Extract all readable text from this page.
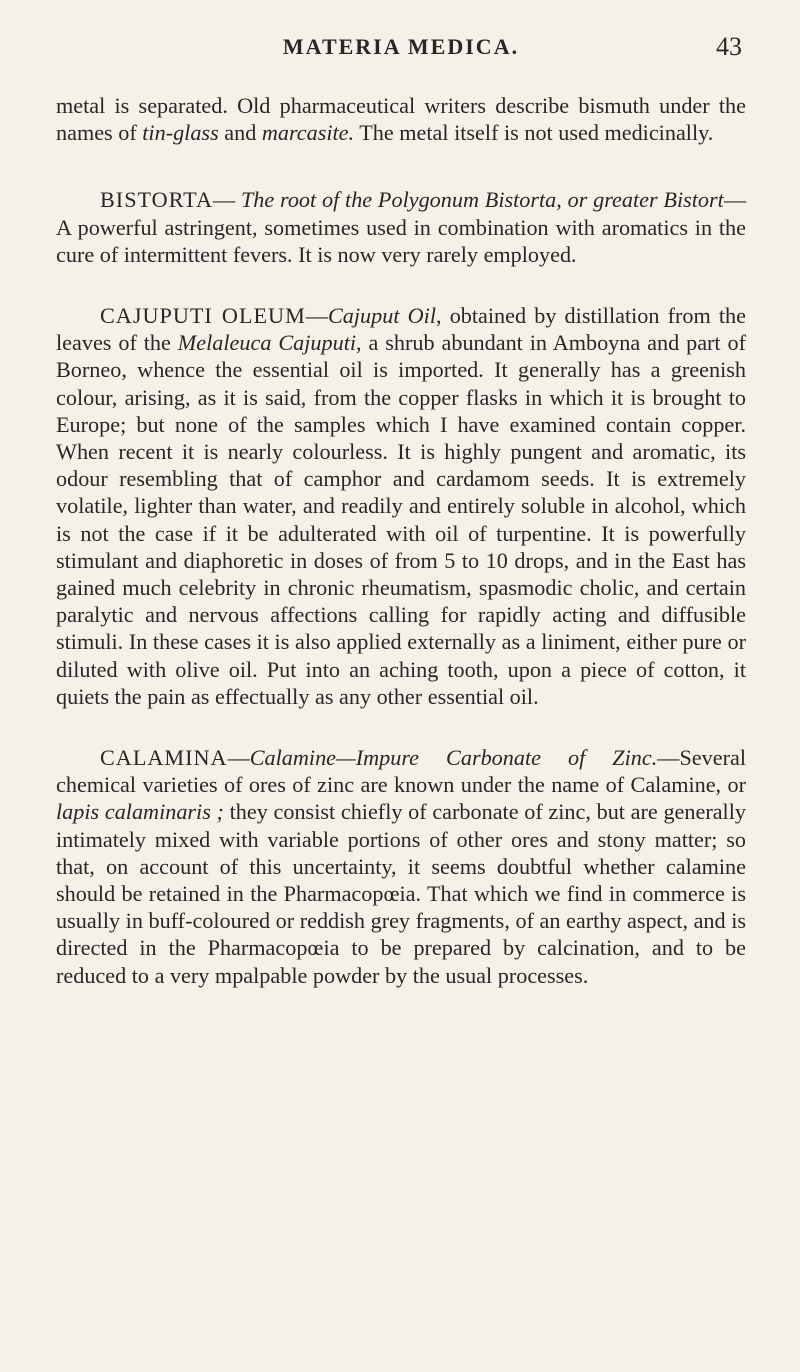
MATERIA MEDICA.	43

metal is separated. Old pharmaceutical writers describe bismuth under the names of tin-glass and marcasite. The metal itself is not used medicinally.

BISTORTA— The root of the Polygonum Bistorta, or greater Bistort—A powerful astringent, sometimes used in combination with aromatics in the cure of intermittent fevers. It is now very rarely employed.

CAJUPUTI OLEUM—Cajuput Oil, obtained by distillation from the leaves of the Melaleuca Cajuputi, a shrub abundant in Amboyna and part of Borneo, whence the essential oil is imported. It generally has a greenish colour, arising, as it is said, from the copper flasks in which it is brought to Europe; but none of the samples which I have examined contain copper. When recent it is nearly colourless. It is highly pungent and aromatic, its odour resembling that of camphor and cardamom seeds. It is extremely volatile, lighter than water, and readily and entirely soluble in alcohol, which is not the case if it be adulterated with oil of turpentine. It is powerfully stimulant and diaphoretic in doses of from 5 to 10 drops, and in the East has gained much celebrity in chronic rheumatism, spasmodic cholic, and certain paralytic and nervous affections calling for rapidly acting and diffusible stimuli. In these cases it is also applied externally as a liniment, either pure or diluted with olive oil. Put into an aching tooth, upon a piece of cotton, it quiets the pain as effectually as any other essential oil.

CALAMINA—Calamine—Impure Carbonate of Zinc.—Several chemical varieties of ores of zinc are known under the name of Calamine, or lapis calaminaris ; they consist chiefly of carbonate of zinc, but are generally intimately mixed with variable portions of other ores and stony matter; so that, on account of this uncertainty, it seems doubtful whether calamine should be retained in the Pharmacopœia. That which we find in commerce is usually in buff-coloured or reddish grey fragments, of an earthy aspect, and is directed in the Pharmacopœia to be prepared by calcination, and to be reduced to a very mpalpable powder by the usual processes.
